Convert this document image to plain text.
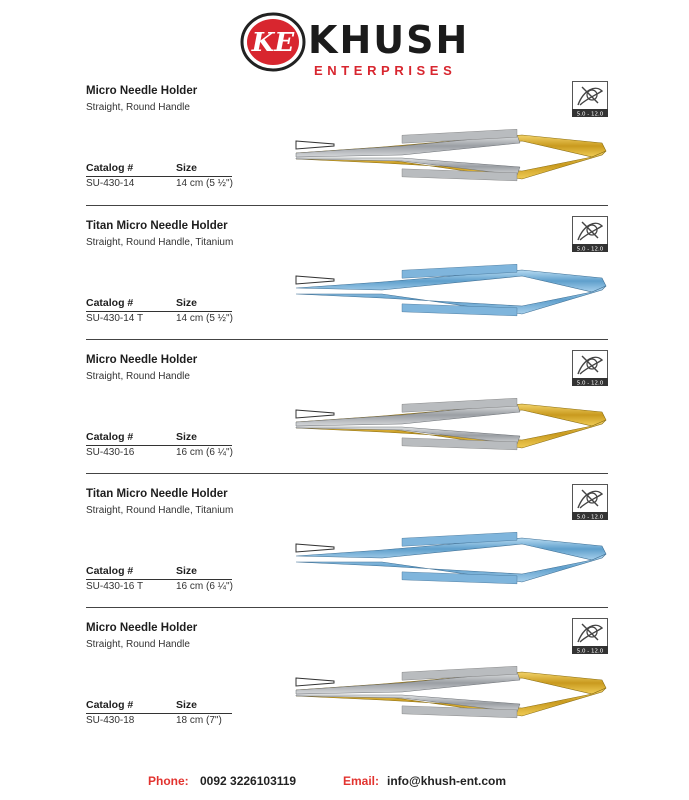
KE KHUSH
ENTERPRISES
Micro Needle Holder
Straight, Round Handle
Catalog #	Size
SU-430-14	14 cm (5 ½")
5.0 - 12.0
Titan Micro Needle Holder
Straight, Round Handle, Titanium
Catalog #	Size
SU-430-14 T	14 cm (5 ½")
5.0 - 12.0
Micro Needle Holder
Straight, Round Handle
Catalog #	Size
SU-430-16	16 cm (6 ¼")
5.0 - 12.0
Titan Micro Needle Holder
Straight, Round Handle, Titanium
Catalog #	Size
SU-430-16 T	16 cm (6 ¼")
5.0 - 12.0
Micro Needle Holder
Straight, Round Handle
Catalog #	Size
SU-430-18	18 cm (7")
5.0 - 12.0
Phone: 0092 3226103119	Email: info@khush-ent.com
